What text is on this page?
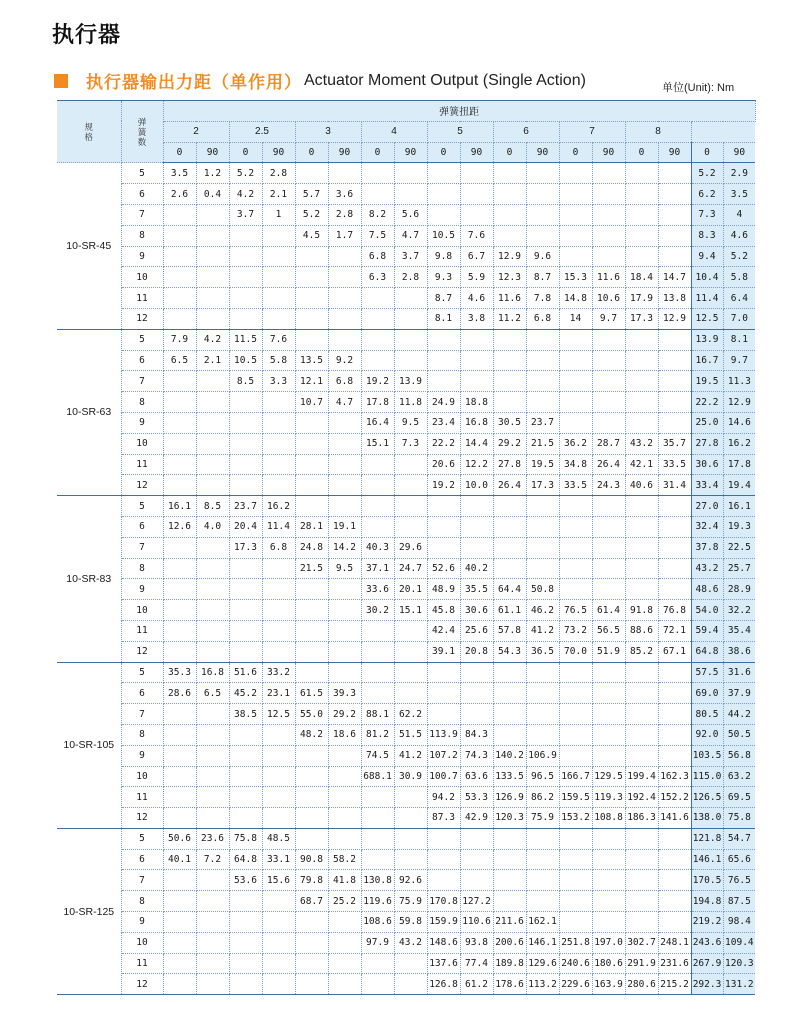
执行器
执行器输出力距（单作用） Actuator Moment Output (Single Action)	单位(Unit): Nm
规
格	弹
簧
数	弹簧扭距																	
		2		2.5		3		4		5		6		7		8			
		0	90	0	90	0	90	0	90	0	90	0	90	0	90	0	90	0	90
10-SR-45	5	3.5	1.2	5.2	2.8													5.2	2.9
	6	2.6	0.4	4.2	2.1	5.7	3.6											6.2	3.5
	7			3.7	1	5.2	2.8	8.2	5.6									7.3	4
	8					4.5	1.7	7.5	4.7	10.5	7.6							8.3	4.6
	9							6.8	3.7	9.8	6.7	12.9	9.6					9.4	5.2
	10							6.3	2.8	9.3	5.9	12.3	8.7	15.3	11.6	18.4	14.7	10.4	5.8
	11									8.7	4.6	11.6	7.8	14.8	10.6	17.9	13.8	11.4	6.4
	12									8.1	3.8	11.2	6.8	14	9.7	17.3	12.9	12.5	7.0
10-SR-63	5	7.9	4.2	11.5	7.6													13.9	8.1
	6	6.5	2.1	10.5	5.8	13.5	9.2											16.7	9.7
	7			8.5	3.3	12.1	6.8	19.2	13.9									19.5	11.3
	8					10.7	4.7	17.8	11.8	24.9	18.8							22.2	12.9
	9							16.4	9.5	23.4	16.8	30.5	23.7					25.0	14.6
	10							15.1	7.3	22.2	14.4	29.2	21.5	36.2	28.7	43.2	35.7	27.8	16.2
	11									20.6	12.2	27.8	19.5	34.8	26.4	42.1	33.5	30.6	17.8
	12									19.2	10.0	26.4	17.3	33.5	24.3	40.6	31.4	33.4	19.4
10-SR-83	5	16.1	8.5	23.7	16.2													27.0	16.1
	6	12.6	4.0	20.4	11.4	28.1	19.1											32.4	19.3
	7			17.3	6.8	24.8	14.2	40.3	29.6									37.8	22.5
	8					21.5	9.5	37.1	24.7	52.6	40.2							43.2	25.7
	9							33.6	20.1	48.9	35.5	64.4	50.8					48.6	28.9
	10							30.2	15.1	45.8	30.6	61.1	46.2	76.5	61.4	91.8	76.8	54.0	32.2
	11									42.4	25.6	57.8	41.2	73.2	56.5	88.6	72.1	59.4	35.4
	12									39.1	20.8	54.3	36.5	70.0	51.9	85.2	67.1	64.8	38.6
10-SR-105	5	35.3	16.8	51.6	33.2													57.5	31.6
	6	28.6	6.5	45.2	23.1	61.5	39.3											69.0	37.9
	7			38.5	12.5	55.0	29.2	88.1	62.2									80.5	44.2
	8					48.2	18.6	81.2	51.5	113.9	84.3							92.0	50.5
	9							74.5	41.2	107.2	74.3	140.2	106.9					103.5	56.8
	10							688.1	30.9	100.7	63.6	133.5	96.5	166.7	129.5	199.4	162.3	115.0	63.2
	11									94.2	53.3	126.9	86.2	159.5	119.3	192.4	152.2	126.5	69.5
	12									87.3	42.9	120.3	75.9	153.2	108.8	186.3	141.6	138.0	75.8
10-SR-125	5	50.6	23.6	75.8	48.5													121.8	54.7
	6	40.1	7.2	64.8	33.1	90.8	58.2											146.1	65.6
	7			53.6	15.6	79.8	41.8	130.8	92.6									170.5	76.5
	8					68.7	25.2	119.6	75.9	170.8	127.2							194.8	87.5
	9							108.6	59.8	159.9	110.6	211.6	162.1					219.2	98.4
	10							97.9	43.2	148.6	93.8	200.6	146.1	251.8	197.0	302.7	248.1	243.6	109.4
	11									137.6	77.4	189.8	129.6	240.6	180.6	291.9	231.6	267.9	120.3
	12									126.8	61.2	178.6	113.2	229.6	163.9	280.6	215.2	292.3	131.2
